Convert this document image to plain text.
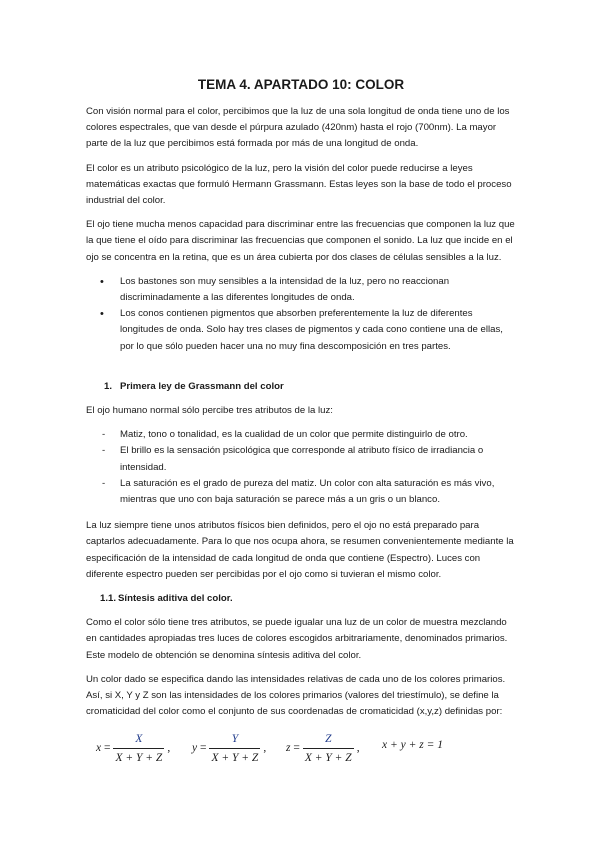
TEMA 4. APARTADO 10: COLOR

Con visión normal para el color, percibimos que la luz de una sola longitud de onda tiene uno de los colores espectrales, que van desde el púrpura azulado (420nm) hasta el rojo (700nm). La mayor parte de la luz que percibimos está formada por más de una longitud de onda.

El color es un atributo psicológico de la luz, pero la visión del color puede reducirse a leyes matemáticas exactas que formuló Hermann Grassmann. Estas leyes son la base de todo el proceso industrial del color.

El ojo tiene mucha menos capacidad para discriminar entre las frecuencias que componen la luz que la que tiene el oído para discriminar las frecuencias que componen el sonido. La luz que incide en el ojo se concentra en la retina, que es un área cubierta por dos clases de células sensibles a la luz.

• Los bastones son muy sensibles a la intensidad de la luz, pero no reaccionan discriminadamente a las diferentes longitudes de onda.
• Los conos contienen pigmentos que absorben preferentemente la luz de diferentes longitudes de onda. Solo hay tres clases de pigmentos y cada cono contiene una de ellas, por lo que sólo pueden hacer una no muy fina descomposición en tres partes.
1. Primera ley de Grassmann del color

El ojo humano normal sólo percibe tres atributos de la luz:

- Matiz, tono o tonalidad, es la cualidad de un color que permite distinguirlo de otro.
- El brillo es la sensación psicológica que corresponde al atributo físico de irradiancia o intensidad.
- La saturación es el grado de pureza del matiz. Un color con alta saturación es más vivo, mientras que uno con baja saturación se parece más a un gris o un blanco.

La luz siempre tiene unos atributos físicos bien definidos, pero el ojo no está preparado para captarlos adecuadamente. Para lo que nos ocupa ahora, se resumen convenientemente mediante la especificación de la intensidad de cada longitud de onda que contiene (Espectro). Luces con diferente espectro pueden ser percibidas por el ojo como si tuvieran el mismo color.

1.1. Síntesis aditiva del color.

Como el color sólo tiene tres atributos, se puede igualar una luz de un color de muestra mezclando en cantidades apropiadas tres luces de colores escogidos arbitrariamente, denominados primarios. Este modelo de obtención se denomina síntesis aditiva del color.

Un color dado se especifica dando las intensidades relativas de cada uno de los colores primarios. Así, si X, Y y Z son las intensidades de los colores primarios (valores del triestímulo), se define la cromaticidad del color como el conjunto de sus coordenadas de cromaticidad (x,y,z) definidas por:

x
= $\frac{X}{X + Y + Z}$ , y
= $\frac{Y}{X + Y + Z}$ , z
= $\frac{Z}{X + Y + Z}$ , x + y + z = 1
